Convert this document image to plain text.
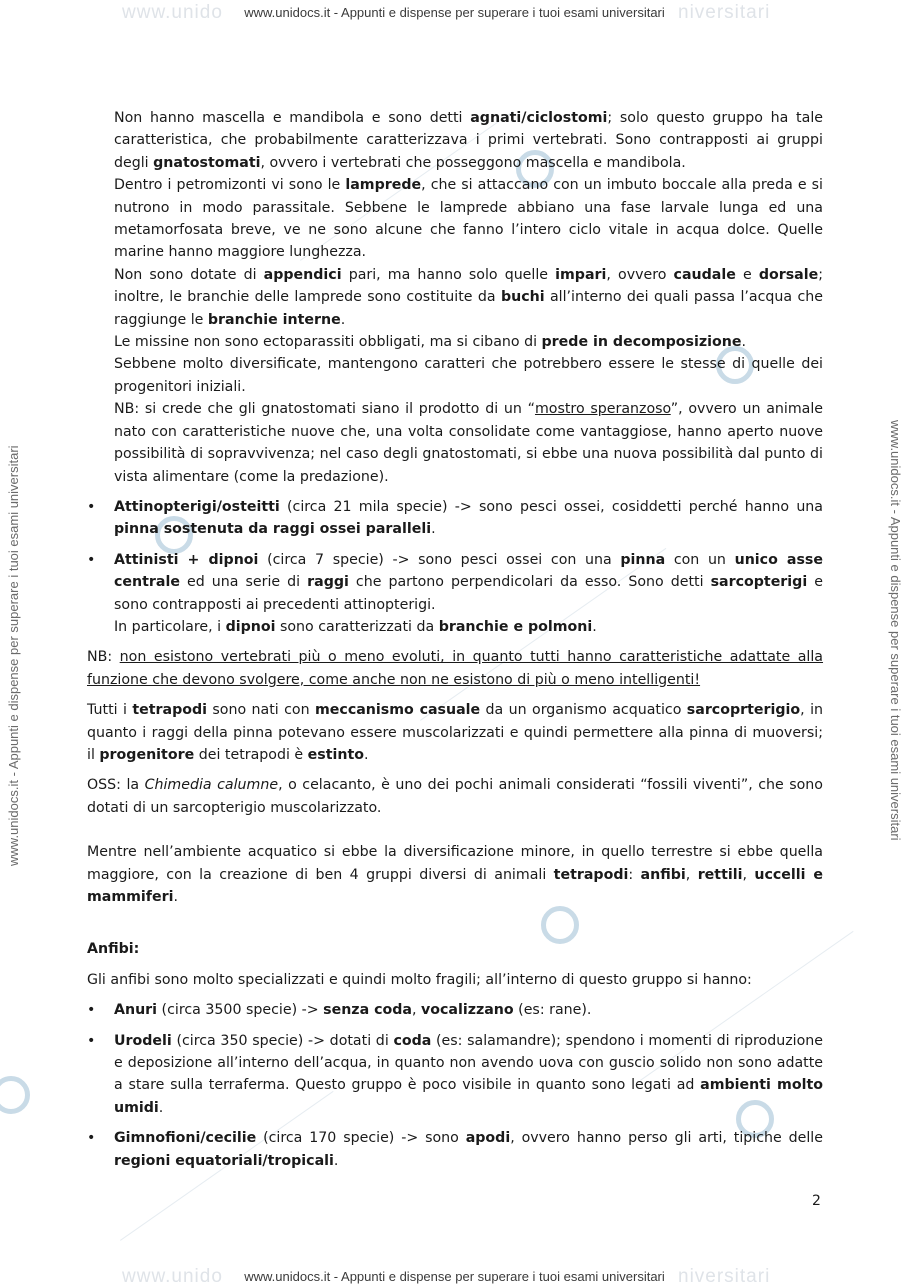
www.unido	niversitari
www.unidocs.it - Appunti e dispense per superare i tuoi esami universitari
www.unido	niversitari
www.unidocs.it - Appunti e dispense per superare i tuoi esami universitari
www.unidocs.it - Appunti e dispense per superare i tuoi esami universitari	www.unidocs.it - Appunti e dispense per superare i tuoi esami universitari

Non hanno mascella e mandibola e sono detti agnati/ciclostomi; solo questo gruppo ha tale caratteristica, che probabilmente caratterizzava i primi vertebrati. Sono contrapposti ai gruppi degli gnatostomati, ovvero i vertebrati che posseggono mascella e mandibola.

Dentro i petromizonti vi sono le lamprede, che si attaccano con un imbuto boccale alla preda e si nutrono in modo parassitale. Sebbene le lamprede abbiano una fase larvale lunga ed una metamorfosata breve, ve ne sono alcune che fanno l’intero ciclo vitale in acqua dolce. Quelle marine hanno maggiore lunghezza.

Non sono dotate di appendici pari, ma hanno solo quelle impari, ovvero caudale e dorsale; inoltre, le branchie delle lamprede sono costituite da buchi all’interno dei quali passa l’acqua che raggiunge le branchie interne.

Le missine non sono ectoparassiti obbligati, ma si cibano di prede in decomposizione.

Sebbene molto diversificate, mantengono caratteri che potrebbero essere le stesse di quelle dei progenitori iniziali.

NB: si crede che gli gnatostomati siano il prodotto di un “mostro speranzoso”, ovvero un animale nato con caratteristiche nuove che, una volta consolidate come vantaggiose, hanno aperto nuove possibilità di sopravvivenza; nel caso degli gnatostomati, si ebbe una nuova possibilità dal punto di vista alimentare (come la predazione).

• Attinopterigi/osteitti (circa 21 mila specie) -> sono pesci ossei, cosiddetti perché hanno una pinna sostenuta da raggi ossei paralleli.

• Attinisti + dipnoi (circa 7 specie) -> sono pesci ossei con una pinna con un unico asse centrale ed una serie di raggi che partono perpendicolari da esso. Sono detti sarcopterigi e sono contrapposti ai precedenti attinopterigi.

In particolare, i dipnoi sono caratterizzati da branchie e polmoni.

NB: non esistono vertebrati più o meno evoluti, in quanto tutti hanno caratteristiche adattate alla funzione che devono svolgere, come anche non ne esistono di più o meno intelligenti!

Tutti i tetrapodi sono nati con meccanismo casuale da un organismo acquatico sarcoprterigio, in quanto i raggi della pinna potevano essere muscolarizzati e quindi permettere alla pinna di muoversi; il progenitore dei tetrapodi è estinto.

OSS: la Chimedia calumne, o celacanto, è uno dei pochi animali considerati “fossili viventi”, che sono dotati di un sarcopterigio muscolarizzato.

Mentre nell’ambiente acquatico si ebbe la diversificazione minore, in quello terrestre si ebbe quella maggiore, con la creazione di ben 4 gruppi diversi di animali tetrapodi: anfibi, rettili, uccelli e mammiferi.

Anfibi:

Gli anfibi sono molto specializzati e quindi molto fragili; all’interno di questo gruppo si hanno:

• Anuri (circa 3500 specie) -> senza coda, vocalizzano (es: rane).

• Urodeli (circa 350 specie) -> dotati di coda (es: salamandre); spendono i momenti di riproduzione e deposizione all’interno dell’acqua, in quanto non avendo uova con guscio solido non sono adatte a stare sulla terraferma. Questo gruppo è poco visibile in quanto sono legati ad ambienti molto umidi.

• Gimnofioni/cecilie (circa 170 specie) -> sono apodi, ovvero hanno perso gli arti, tipiche delle regioni equatoriali/tropicali.

2
